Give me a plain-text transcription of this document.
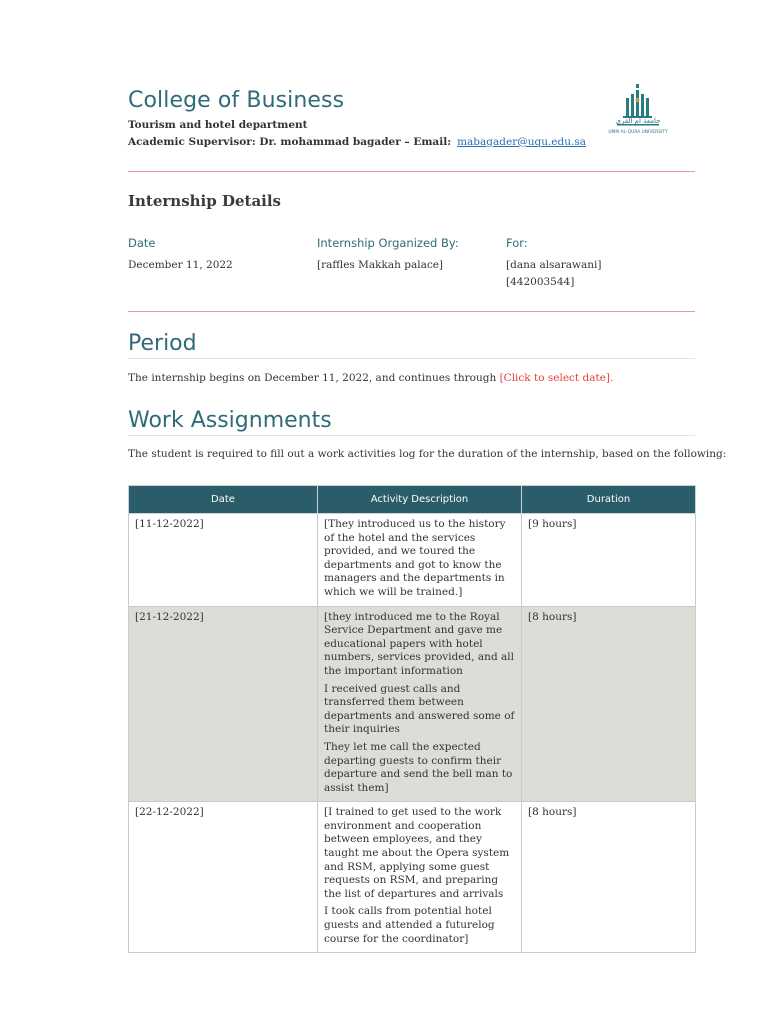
College of Business
Tourism and hotel department
Academic Supervisor: Dr. mohammad bagader – Email: mabagader@uqu.edu.sa
جامعة أم القرى
UMM AL-QURA UNIVERSITY
Internship Details
Date	Internship Organized By:	For:
December 11, 2022	[raffles Makkah palace]	[dana alsarawani]
[442003544]
Period
The internship begins on December 11, 2022, and continues through [Click to select date].
Work Assignments
The student is required to fill out a work activities log for the duration of the internship, based on the following:
Date	Activity Description	Duration
[11-12-2022]	[They introduced us to the history of the hotel and the services provided, and we toured the departments and got to know the managers and the departments in which we will be trained.]	[9 hours]
[21-12-2022]	[they introduced me to the Royal Service Department and gave me educational papers with hotel numbers, services provided, and all the important information

I received guest calls and transferred them between departments and answered some of their inquiries

They let me call the expected departing guests to confirm their departure and send the bell man to assist them]	[8 hours]
[22-12-2022]	[I trained to get used to the work environment and cooperation between employees, and they taught me about the Opera system and RSM, applying some guest requests on RSM, and preparing the list of departures and arrivals

I took calls from potential hotel guests and attended a futurelog course for the coordinator]	[8 hours]
